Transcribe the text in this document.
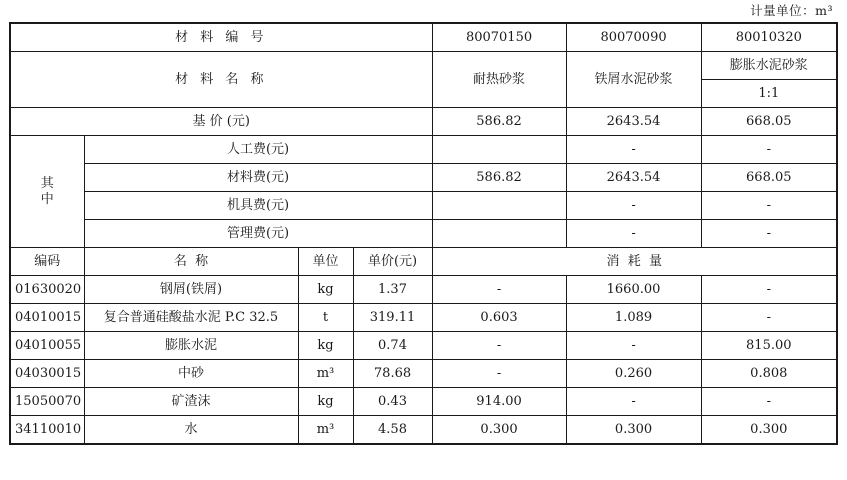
计量单位：m³
材 料 编 号				80070150	80070090	80010320
材 料 名 称				耐热砂浆	铁屑水泥砂浆	膨胀水泥砂浆
						1:1
基 价 (元)				586.82	2643.54	668.05

其
中	人工费(元)				-	-
	材料费(元)			586.82	2643.54	668.05
	机具费(元)				-	-
	管理费(元)				-	-
编码	名  称	单位	单价(元)	消  耗  量		
01630020	钢屑(铁屑)	kg	1.37	-	1660.00	-
04010015	复合普通硅酸盐水泥 P.C 32.5	t	319.11	0.603	1.089	-
04010055	膨胀水泥	kg	0.74	-	-	815.00
04030015	中砂	m³	78.68	-	0.260	0.808
15050070	矿渣沫	kg	0.43	914.00	-	-
34110010	水	m³	4.58	0.300	0.300	0.300
